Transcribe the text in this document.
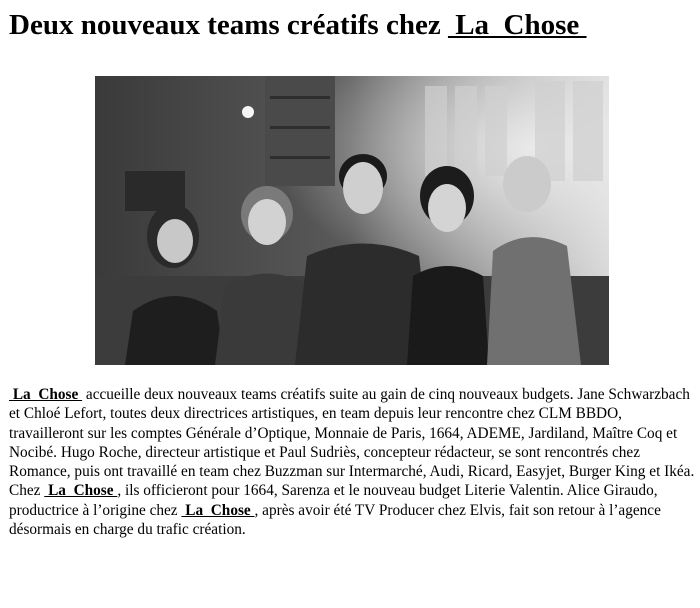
Deux nouveaux teams créatifs chez  La  Chose

La  Chose  accueille deux nouveaux teams créatifs suite au gain de cinq nouveaux budgets. Jane Schwarzbach et Chloé Lefort, toutes deux directrices artistiques, en team depuis leur rencontre chez CLM BBDO, travailleront sur les comptes Générale d’Optique, Monnaie de Paris, 1664, ADEME, Jardiland, Maître Coq et Nocibé. Hugo Roche, directeur artistique et Paul Sudriès, concepteur rédacteur, se sont rencontrés chez Romance, puis ont travaillé en team chez Buzzman sur Intermarché, Audi, Ricard, Easyjet, Burger King et Ikéa. Chez  La  Chose , ils officieront pour 1664, Sarenza et le nouveau budget Literie Valentin. Alice Giraudo, productrice à l’origine chez  La  Chose , après avoir été TV Producer chez Elvis, fait son retour à l’agence désormais en charge du trafic création.
